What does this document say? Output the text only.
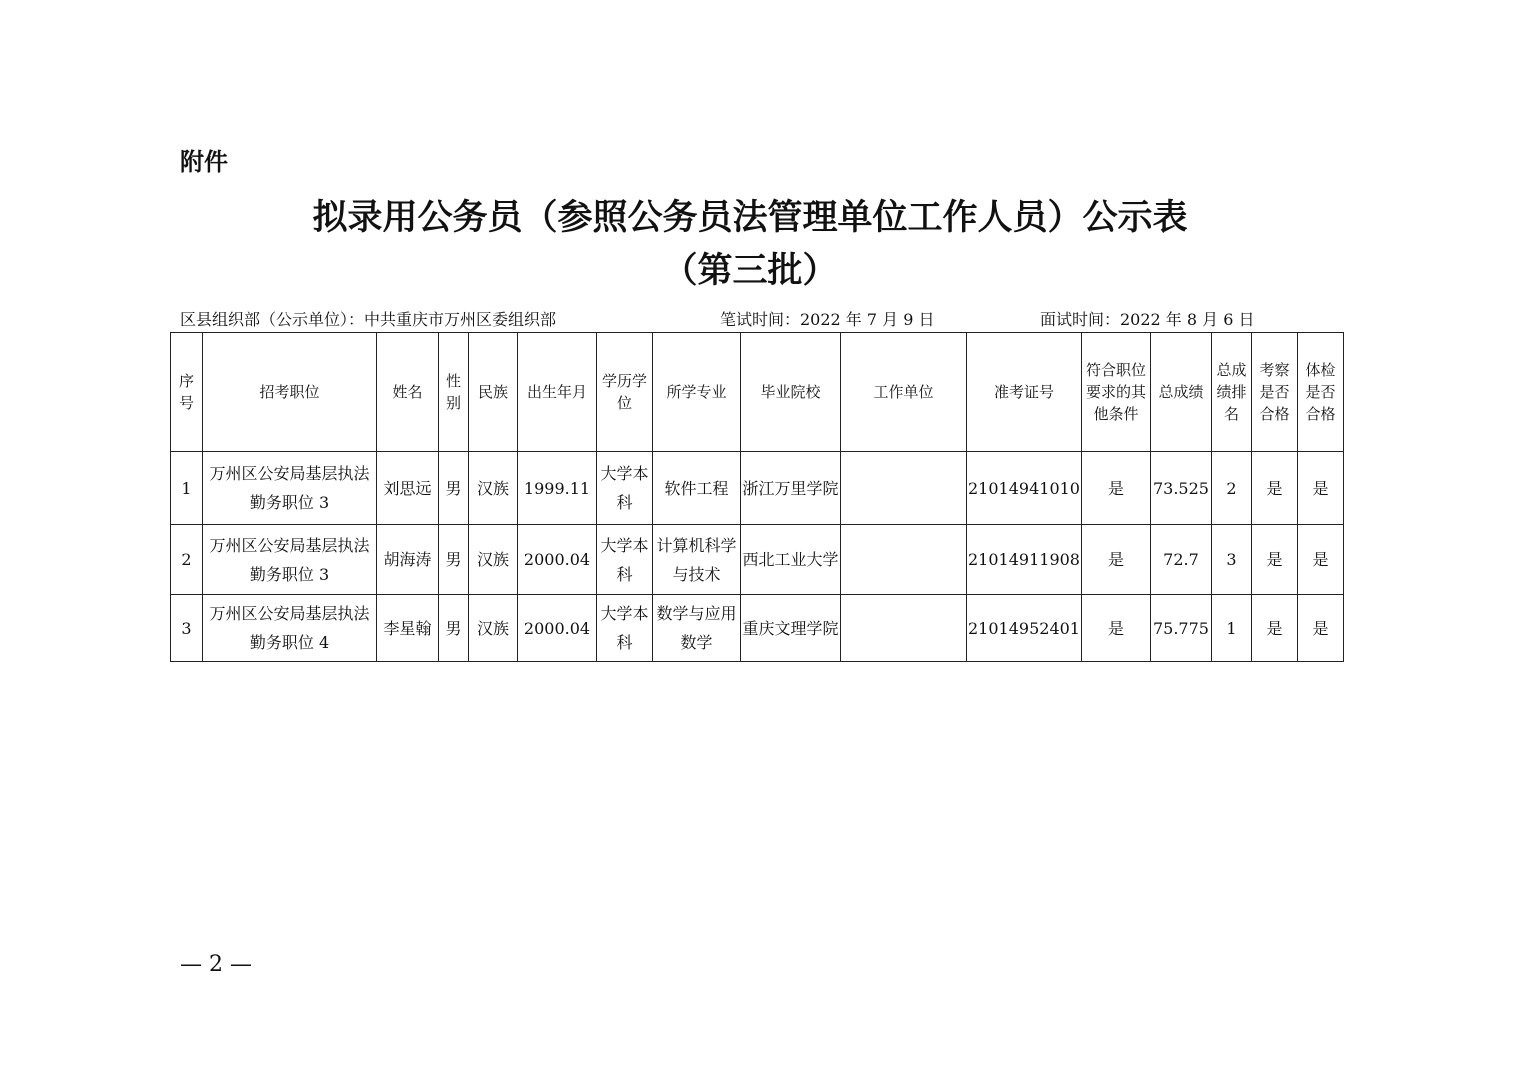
附件
拟录用公务员（参照公务员法管理单位工作人员）公示表
（第三批）
区县组织部（公示单位）：中共重庆市万州区委组织部	笔试时间：2022 年 7 月 9 日	面试时间：2022 年 8 月 6 日
序号	招考职位	姓名	性别	民族	出生年月	学历学位	所学专业	毕业院校	工作单位	准考证号	符合职位要求的其他条件	总成绩	总成绩排名	考察是否合格	体检是否合格
1	万州区公安局基层执法勤务职位 3	刘思远	男	汉族	1999.11	大学本科	软件工程	浙江万里学院		21014941010	是	73.525	2	是	是
2	万州区公安局基层执法勤务职位 3	胡海涛	男	汉族	2000.04	大学本科	计算机科学与技术	西北工业大学		21014911908	是	72.7	3	是	是
3	万州区公安局基层执法勤务职位 4	李星翰	男	汉族	2000.04	大学本科	数学与应用数学	重庆文理学院		21014952401	是	75.775	1	是	是
— 2 —
